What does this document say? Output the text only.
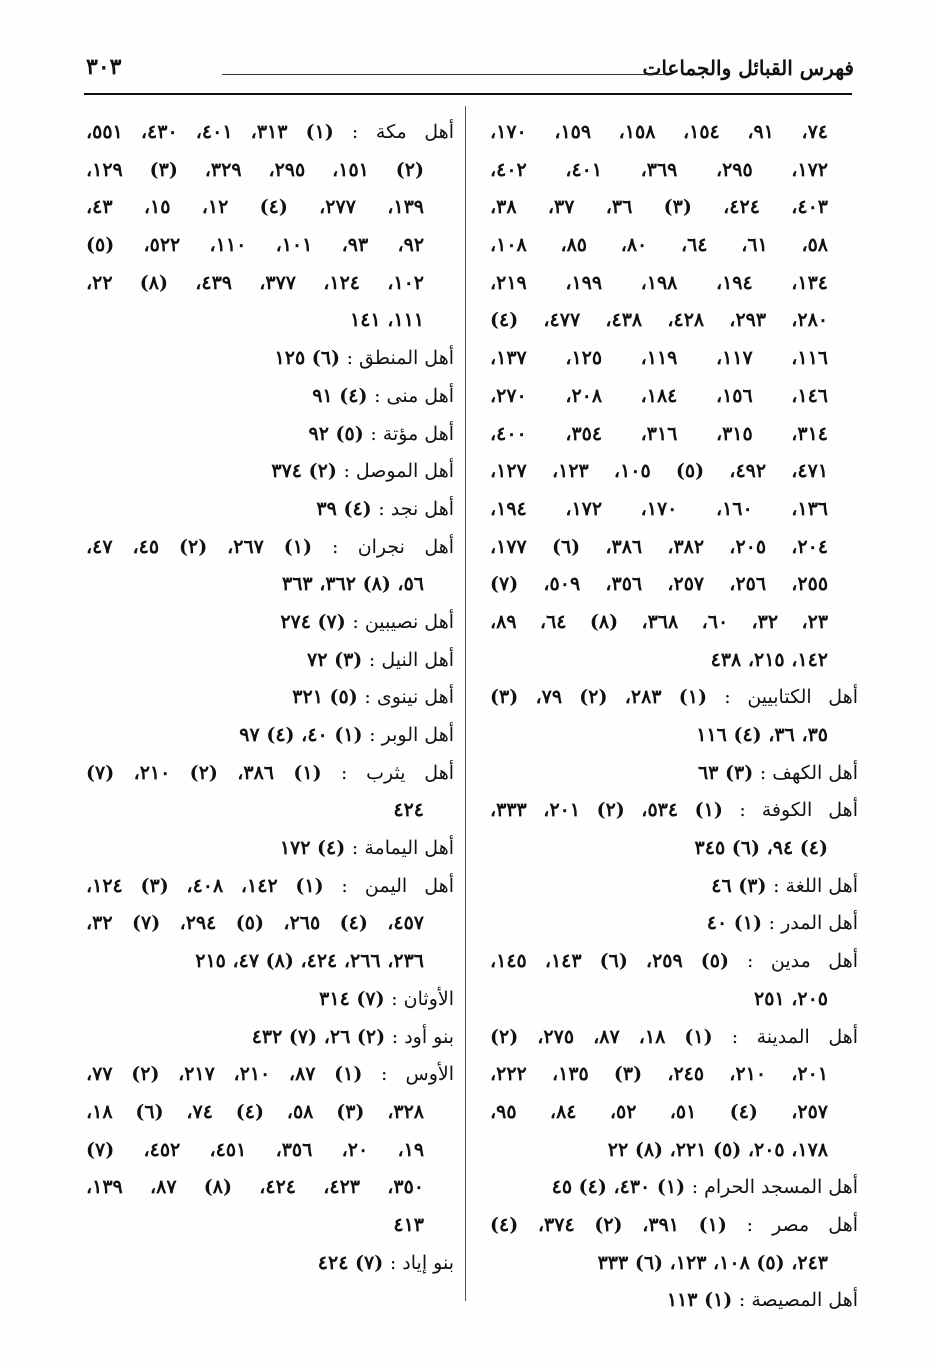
فهرس القبائل والجماعات
٣٠٣
٧٤، ٩١، ١٥٤، ١٥٨، ١٥٩، ١٧٠،
١٧٢، ٢٩٥، ٣٦٩، ٤٠١، ٤٠٢،
٤٠٣، ٤٢٤، (٣) ٣٦، ٣٧، ٣٨،
٥٨، ٦١، ٦٤، ٨٠، ٨٥، ١٠٨،
١٣٤، ١٩٤، ١٩٨، ١٩٩، ٢١٩،
٢٨٠، ٢٩٣، ٤٢٨، ٤٣٨، ٤٧٧، (٤)
١١٦، ١١٧، ١١٩، ١٢٥، ١٣٧،
١٤٦، ١٥٦، ١٨٤، ٢٠٨، ٢٧٠،
٣١٤، ٣١٥، ٣١٦، ٣٥٤، ٤٠٠،
٤٧١، ٤٩٢، (٥) ١٠٥، ١٢٣، ١٢٧،
١٣٦، ١٦٠، ١٧٠، ١٧٢، ١٩٤،
٢٠٤، ٢٠٥، ٣٨٢، ٣٨٦، (٦) ١٧٧،
٢٥٥، ٢٥٦، ٢٥٧، ٣٥٦، ٥٠٩، (٧)
٢٣، ٣٢، ٦٠، ٣٦٨، (٨) ٦٤، ٨٩،
١٤٢، ٢١٥، ٤٣٨
أهل الكتابيين : (١) ٢٨٣، (٢) ٧٩، (٣)
٣٥، ٣٦، (٤) ١١٦
أهل الكهف : (٣) ٦٣
أهل الكوفة : (١) ٥٣٤، (٢) ٢٠١، ٣٣٣،
(٤) ٩٤، (٦) ٣٤٥
أهل اللغة : (٣) ٤٦
أهل المدر : (١) ٤٠
أهل مدين : (٥) ٢٥٩، (٦) ١٤٣، ١٤٥،
٢٠٥، ٢٥١
أهل المدينة : (١) ١٨، ٨٧، ٢٧٥، (٢)
٢٠١، ٢١٠، ٢٤٥، (٣) ١٣٥، ٢٢٢،
٢٥٧، (٤) ٥١، ٥٢، ٨٤، ٩٥،
١٧٨، ٢٠٥، (٥) ٢٢١، (٨) ٢٢
أهل المسجد الحرام : (١) ٤٣٠، (٤) ٤٥
أهل مصر : (١) ٣٩١، (٢) ٣٧٤، (٤)
٢٤٣، (٥) ١٠٨، ١٢٣، (٦) ٣٣٣
أهل المصيصة : (١) ١١٣
أهل مكة : (١) ٣١٣، ٤٠١، ٤٣٠، ٥٥١،
(٢) ١٥١، ٢٩٥، ٣٢٩، (٣) ١٢٩،
١٣٩، ٢٧٧، (٤) ١٢، ١٥، ٤٣،
٩٢، ٩٣، ١٠١، ١١٠، ٥٢٢، (٥)
١٠٢، ١٢٤، ٣٧٧، ٤٣٩، (٨) ٢٢،
١١١، ١٤١
أهل المنطق : (٦) ١٢٥
أهل منى : (٤) ٩١
أهل مؤتة : (٥) ٩٢
أهل الموصل : (٢) ٣٧٤
أهل نجد : (٤) ٣٩
أهل نجران : (١) ٢٦٧، (٢) ٤٥، ٤٧،
٥٦، (٨) ٣٦٢، ٣٦٣
أهل نصيبين : (٧) ٢٧٤
أهل النيل : (٣) ٧٢
أهل نينوى : (٥) ٣٢١
أهل الوبر : (١) ٤٠، (٤) ٩٧
أهل يثرب : (١) ٣٨٦، (٢) ٢١٠، (٧)
٤٢٤
أهل اليمامة : (٤) ١٧٢
أهل اليمن : (١) ١٤٢، ٤٠٨، (٣) ١٢٤،
٤٥٧، (٤) ٢٦٥، (٥) ٢٩٤، (٧) ٣٢،
٢٣٦، ٢٦٦، ٤٢٤، (٨) ٤٧، ٢١٥
الأوثان : (٧) ٣١٤
بنو أود : (٢) ٢٦، (٧) ٤٣٢
الأوس : (١) ٨٧، ٢١٠، ٢١٧، (٢) ٧٧،
٣٢٨، (٣) ٥٨، (٤) ٧٤، (٦) ١٨،
١٩، ٢٠، ٣٥٦، ٤٥١، ٤٥٢، (٧)
٣٥٠، ٤٢٣، ٤٢٤، (٨) ٨٧، ١٣٩،
٤١٣
بنو إياد : (٧) ٤٢٤
